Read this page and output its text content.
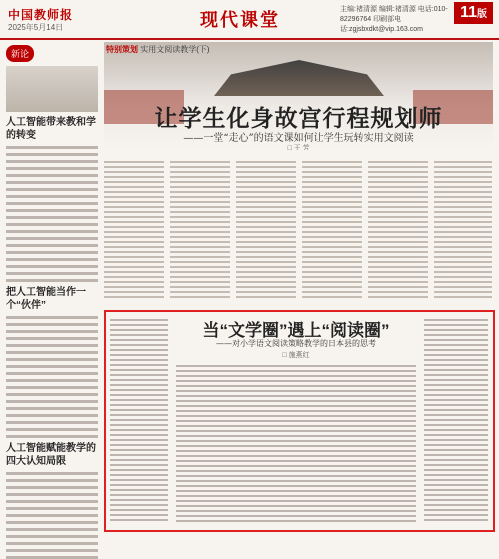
中国教师报
2025年5月14日	现代课堂
主编:褚清源 编辑:褚清源 电话:010-82296764 印刷部电话:zgjsbxdkt@vip.163.com
11版
新论
人工智能带来教和学的转变
把人工智能当作一个“伙伴”
人工智能赋能教学的四大认知局限
特别策划 实用文阅读教学(下)
让学生化身故宫行程规划师
——一堂“走心”的语文课如何让学生玩转实用文阅读
□ 王 芳
当“文学圈”遇上“阅读圈”
——对小学语文阅读策略教学的日本县的思考
□ 施燕红
